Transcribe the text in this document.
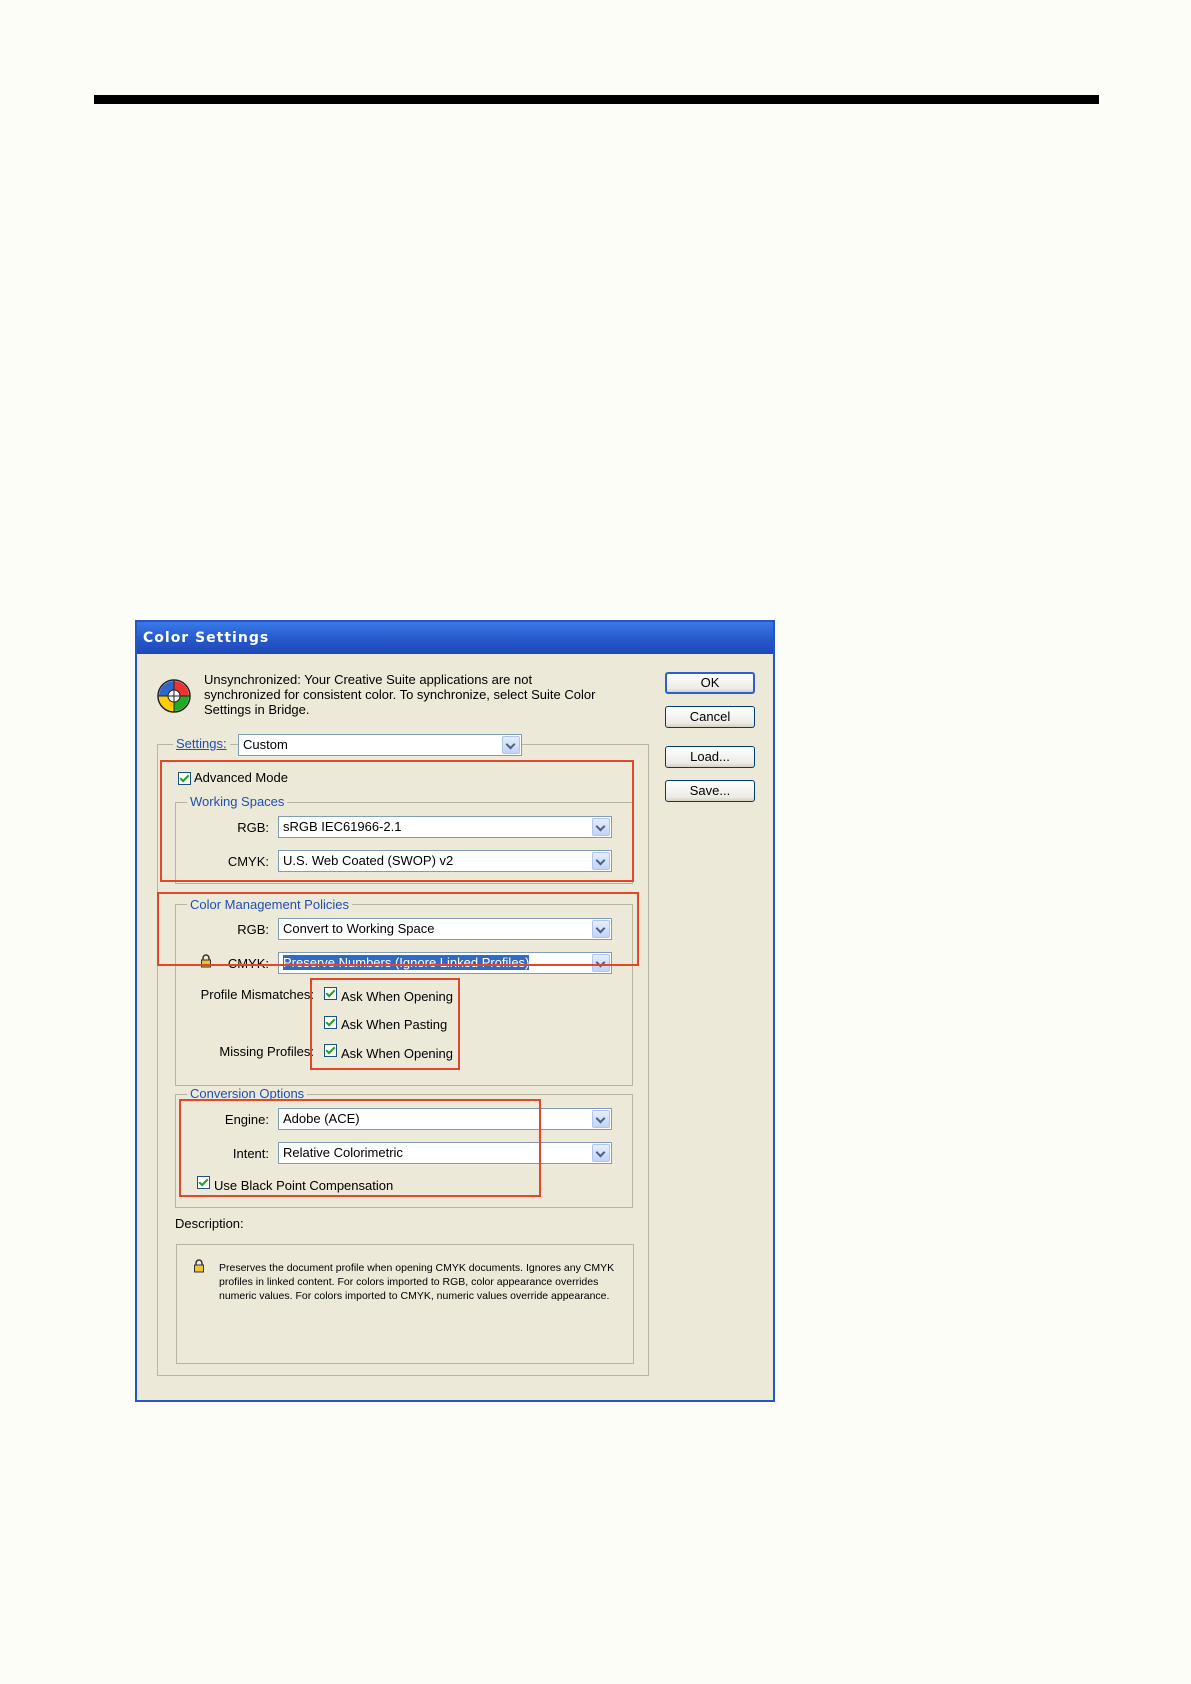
Color Settings
Unsynchronized: Your Creative Suite applications are not synchronized for consistent color. To synchronize, select Suite Color Settings in Bridge.
OK
Cancel
Load...
Save...
Settings:	Custom
Advanced Mode
Working Spaces
RGB:	sRGB IEC61966-2.1
CMYK:	U.S. Web Coated (SWOP) v2
Color Management Policies
RGB:	Convert to Working Space
CMYK:	Preserve Numbers (Ignore Linked Profiles)
Profile Mismatches: Ask When Opening
Ask When Pasting
Missing Profiles: Ask When Opening
Conversion Options
Engine:	Adobe (ACE)
Intent:	Relative Colorimetric
Use Black Point Compensation
Description:
Preserves the document profile when opening CMYK documents. Ignores any CMYK profiles in linked content. For colors imported to RGB, color appearance overrides numeric values. For colors imported to CMYK, numeric values override appearance.
